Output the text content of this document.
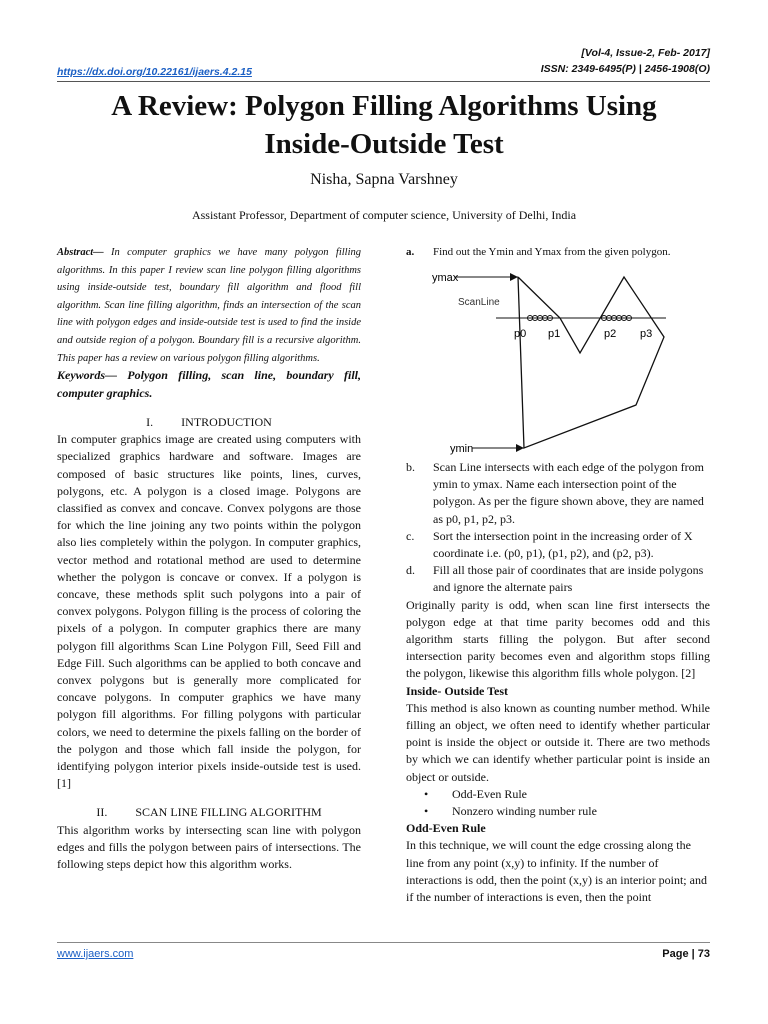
[Vol-4, Issue-2, Feb- 2017]
ISSN: 2349-6495(P) | 2456-1908(O)
https://dx.doi.org/10.22161/ijaers.4.2.15
A Review: Polygon Filling Algorithms Using
Inside-Outside Test
Nisha, Sapna Varshney
Assistant Professor, Department of computer science, University of Delhi, India

Abstract— In computer graphics we have many polygon filling algorithms. In this paper I review scan line polygon filling algorithms using inside-outside test, boundary fill algorithm and flood fill algorithm. Scan line filling algorithm, finds an intersection of the scan line with polygon edges and inside-outside test is used to find the inside and outside region of a polygon. Boundary fill is a recursive algorithm. This paper has a review on various polygon filling algorithms.

Keywords— Polygon filling, scan line, boundary fill, computer graphics.

I. INTRODUCTION

In computer graphics image are created using computers with specialized graphics hardware and software. Images are composed of basic structures like points, lines, curves, polygons, etc. A polygon is a closed image. Polygons are classified as convex and concave. Convex polygons are those for which the line joining any two points within the polygon also lies completely within the polygon. In computer graphics, vector method and rotational method are used to determine whether the polygon is concave or convex. If a polygon is concave, these methods split such polygons into a pair of convex polygons. Polygon filling is the process of coloring the pixels of a polygon. In computer graphics there are many polygon fill algorithms Scan Line Polygon Fill, Seed Fill and Edge Fill. Such algorithms can be applied to both concave and convex polygons but is generally more complicated for concave polygons. In computer graphics we have many polygon fill algorithms. For filling polygons with particular colors, we need to determine the pixels falling on the border of the polygon and those which fall inside the polygon, for identifying polygon interior pixels inside-outside test is used. [1]

II. SCAN LINE FILLING ALGORITHM

This algorithm works by intersecting scan line with polygon edges and fills the polygon between pairs of intersections. The following steps depict how this algorithm works.

a.	Find out the Ymin and Ymax from the given polygon.
ymax
ScanLine
p0 p1	p2 p3
ymin
b.	Scan Line intersects with each edge of the polygon from ymin to ymax. Name each intersection point of the polygon. As per the figure shown above, they are named as p0, p1, p2, p3.
c.	Sort the intersection point in the increasing order of X coordinate i.e. (p0, p1), (p1, p2), and (p2, p3).
d.	Fill all those pair of coordinates that are inside polygons and ignore the alternate pairs

Originally parity is odd, when scan line first intersects the polygon edge at that time parity becomes odd and this algorithm starts filling the polygon. But after second intersection parity becomes even and algorithm stops filling the polygon, likewise this algorithm fills whole polygon. [2]

Inside- Outside Test

This method is also known as counting number method. While filling an object, we often need to identify whether particular point is inside the object or outside it. There are two methods by which we can identify whether particular point is inside an object or outside.

•	Odd-Even Rule
•	Nonzero winding number rule

Odd-Even Rule

In this technique, we will count the edge crossing along the line from any point (x,y) to infinity. If the number of interactions is odd, then the point (x,y) is an interior point; and if the number of interactions is even, then the point

www.ijaers.com	Page | 73
